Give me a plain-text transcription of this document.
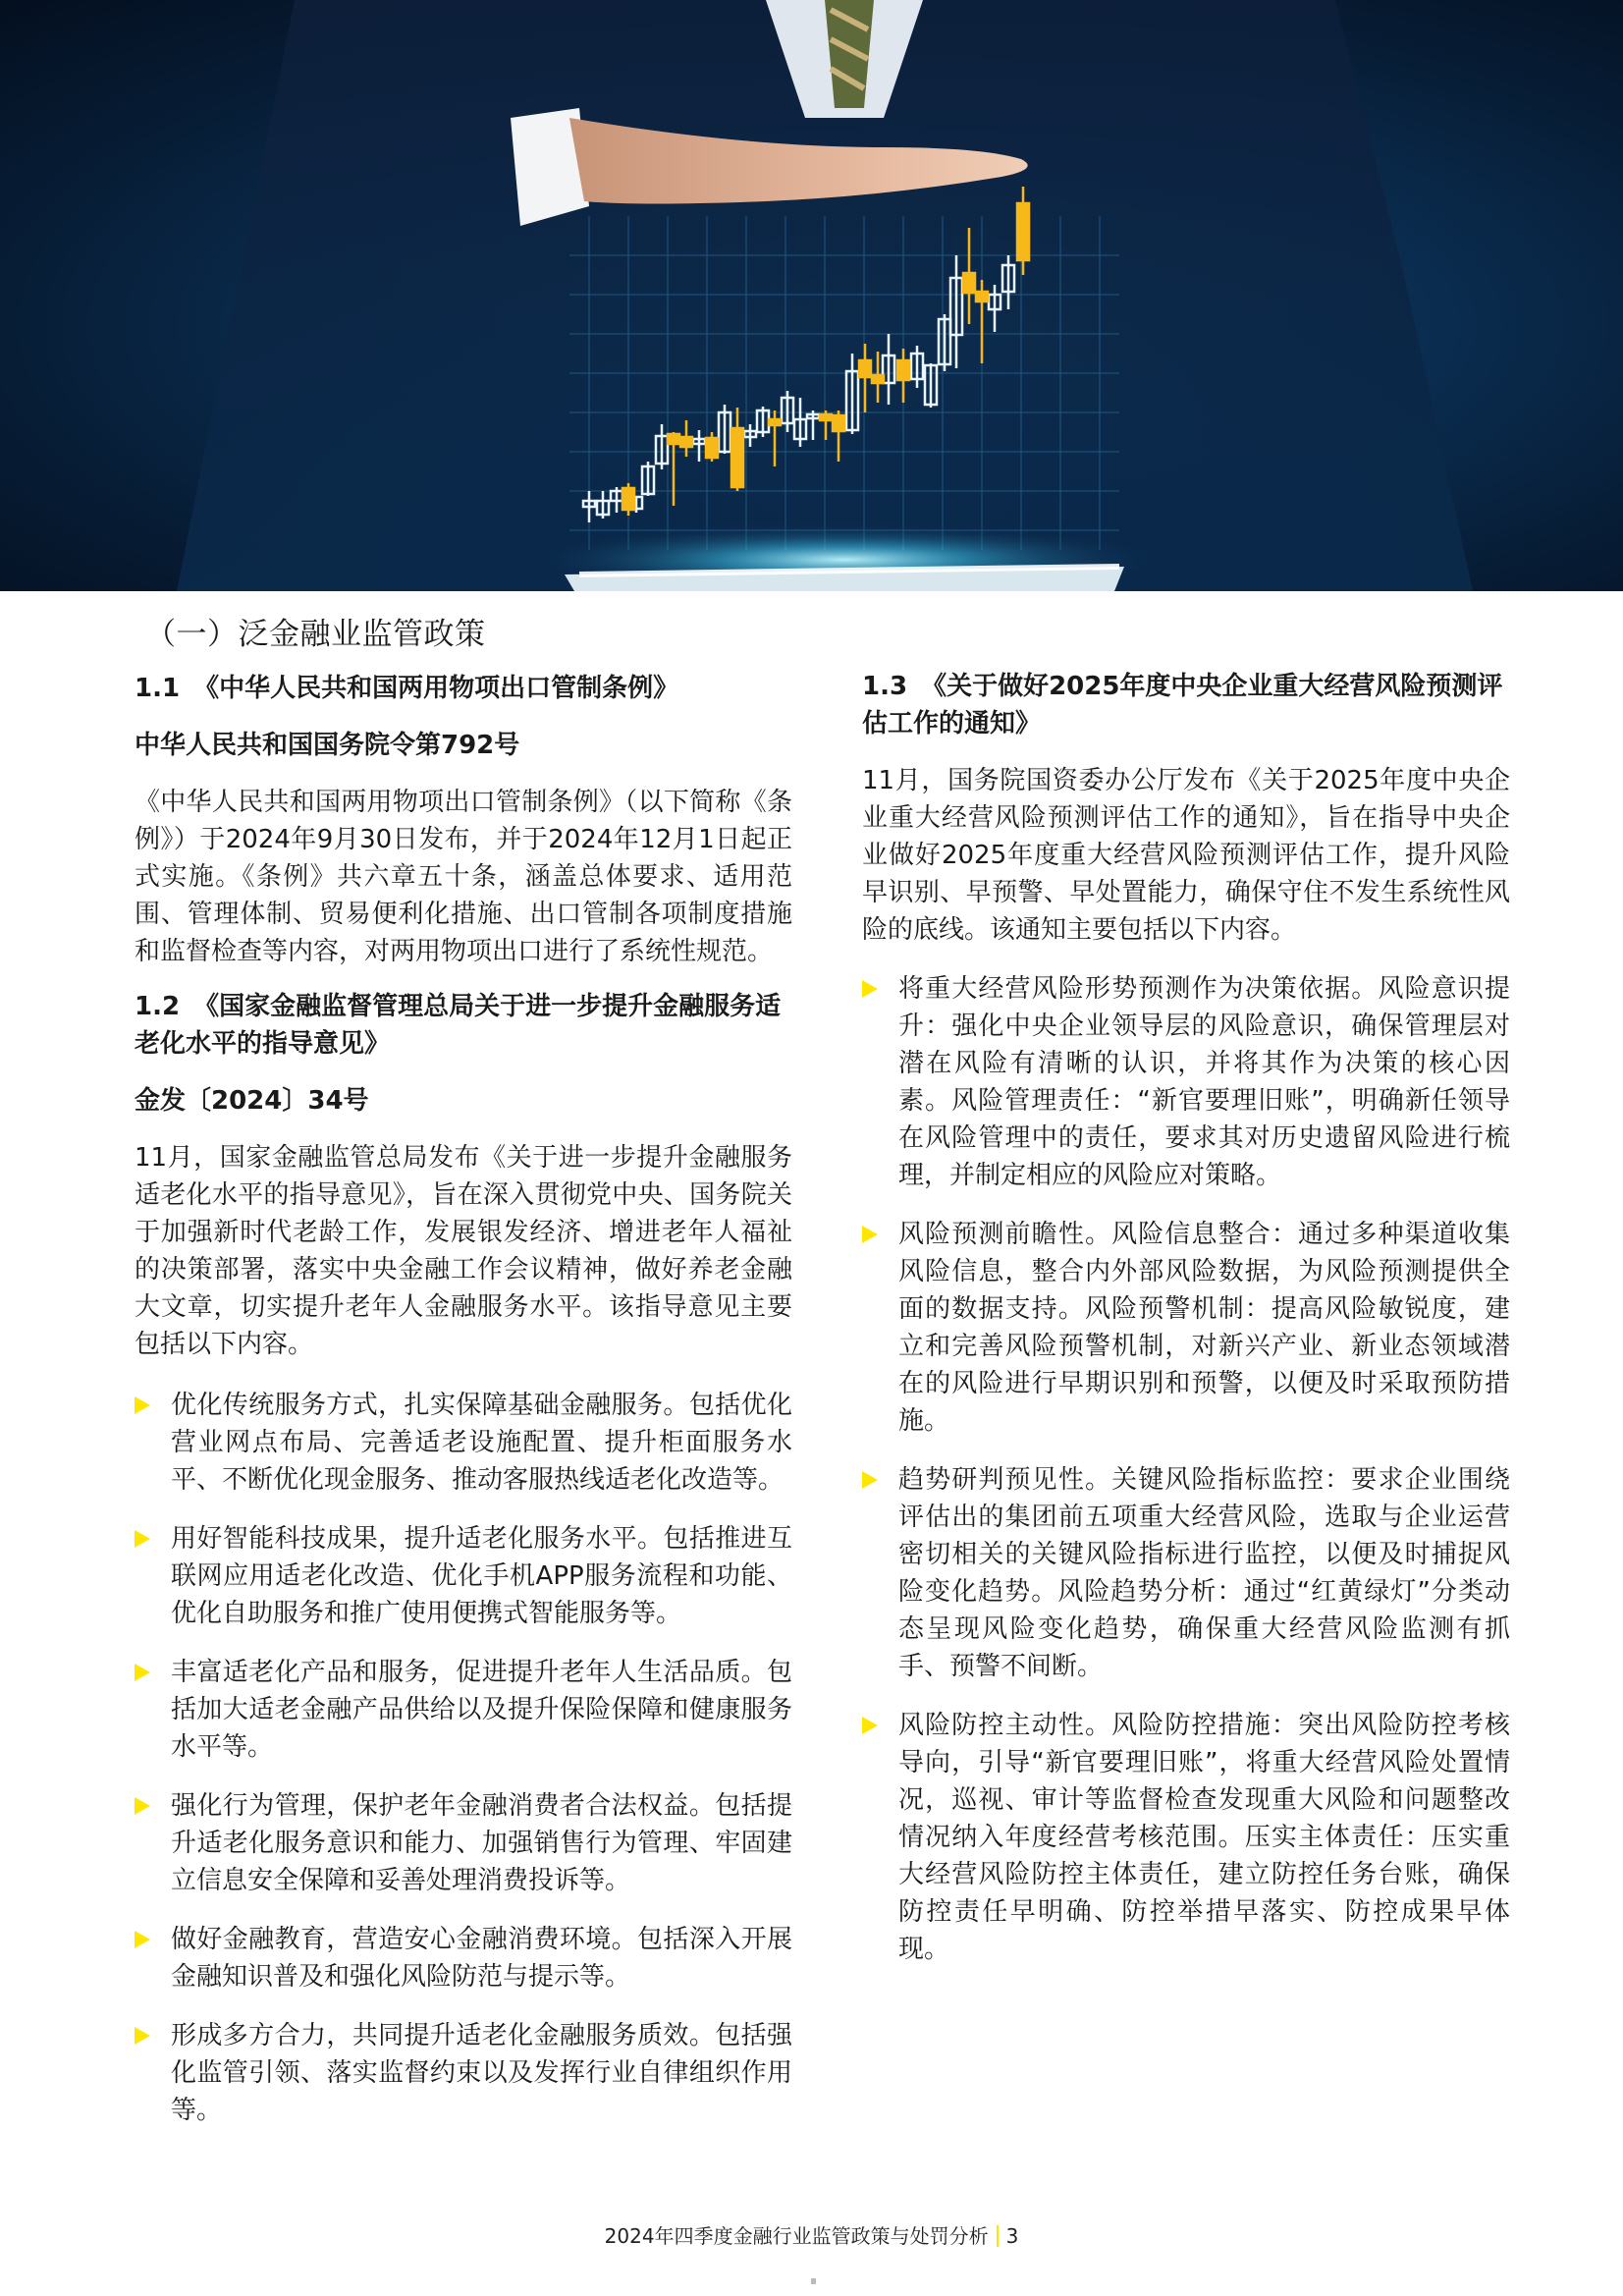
（一）泛金融业监管政策
1.1 《中华人民共和国两用物项出口管制条例》
中华人民共和国国务院令第792号
《中华人民共和国两用物项出口管制条例》（以下简称《条例》）于2024年9月30日发布，并于2024年12月1日起正式实施。《条例》共六章五十条，涵盖总体要求、适用范围、管理体制、贸易便利化措施、出口管制各项制度措施和监督检查等内容，对两用物项出口进行了系统性规范。
1.2 《国家金融监督管理总局关于进一步提升金融服务适老化水平的指导意见》
金发〔2024〕34号
11月，国家金融监管总局发布《关于进一步提升金融服务适老化水平的指导意见》，旨在深入贯彻党中央、国务院关于加强新时代老龄工作，发展银发经济、增进老年人福祉的决策部署，落实中央金融工作会议精神，做好养老金融大文章，切实提升老年人金融服务水平。该指导意见主要包括以下内容。
优化传统服务方式，扎实保障基础金融服务。包括优化营业网点布局、完善适老设施配置、提升柜面服务水平、不断优化现金服务、推动客服热线适老化改造等。
用好智能科技成果，提升适老化服务水平。包括推进互联网应用适老化改造、优化手机APP服务流程和功能、优化自助服务和推广使用便携式智能服务等。
丰富适老化产品和服务，促进提升老年人生活品质。包括加大适老金融产品供给以及提升保险保障和健康服务水平等。
强化行为管理，保护老年金融消费者合法权益。包括提升适老化服务意识和能力、加强销售行为管理、牢固建立信息安全保障和妥善处理消费投诉等。
做好金融教育，营造安心金融消费环境。包括深入开展金融知识普及和强化风险防范与提示等。
形成多方合力，共同提升适老化金融服务质效。包括强化监管引领、落实监督约束以及发挥行业自律组织作用等。
1.3 《关于做好2025年度中央企业重大经营风险预测评估工作的通知》
11月，国务院国资委办公厅发布《关于2025年度中央企业重大经营风险预测评估工作的通知》，旨在指导中央企业做好2025年度重大经营风险预测评估工作，提升风险早识别、早预警、早处置能力，确保守住不发生系统性风险的底线。该通知主要包括以下内容。
将重大经营风险形势预测作为决策依据。风险意识提升：强化中央企业领导层的风险意识，确保管理层对潜在风险有清晰的认识，并将其作为决策的核心因素。风险管理责任：“新官要理旧账”，明确新任领导在风险管理中的责任，要求其对历史遗留风险进行梳理，并制定相应的风险应对策略。
风险预测前瞻性。风险信息整合：通过多种渠道收集风险信息，整合内外部风险数据，为风险预测提供全面的数据支持。风险预警机制：提高风险敏锐度，建立和完善风险预警机制，对新兴产业、新业态领域潜在的风险进行早期识别和预警，以便及时采取预防措施。
趋势研判预见性。关键风险指标监控：要求企业围绕评估出的集团前五项重大经营风险，选取与企业运营密切相关的关键风险指标进行监控，以便及时捕捉风险变化趋势。风险趋势分析：通过“红黄绿灯”分类动态呈现风险变化趋势，确保重大经营风险监测有抓手、预警不间断。
风险防控主动性。风险防控措施：突出风险防控考核导向，引导“新官要理旧账”，将重大经营风险处置情况，巡视、审计等监督检查发现重大风险和问题整改情况纳入年度经营考核范围。压实主体责任：压实重大经营风险防控主体责任，建立防控任务台账，确保防控责任早明确、防控举措早落实、防控成果早体现。
2024年四季度金融行业监管政策与处罚分析 3
